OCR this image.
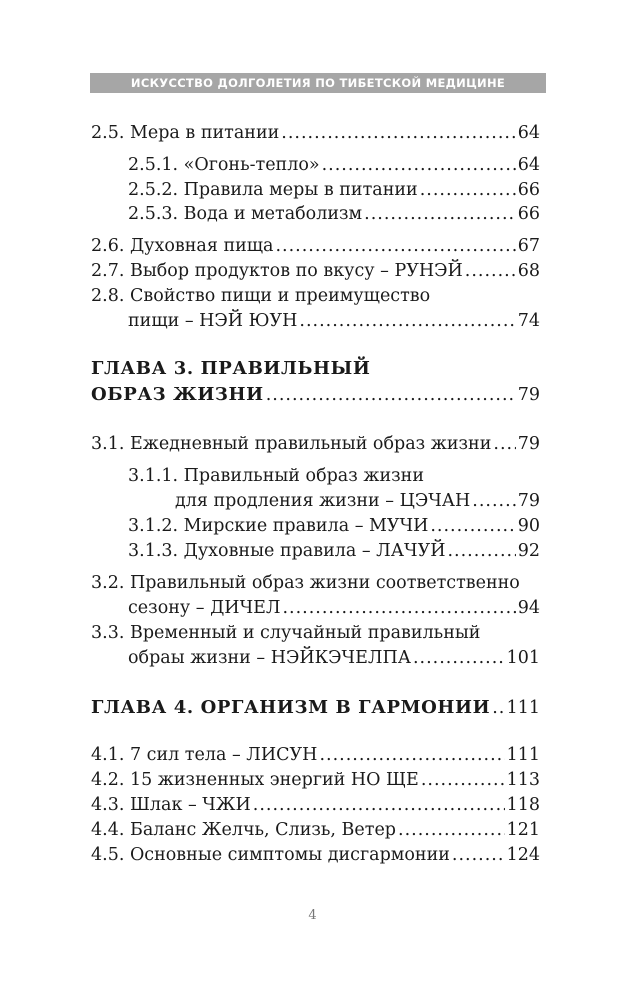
ИСКУССТВО ДОЛГОЛЕТИЯ ПО ТИБЕТСКОЙ МЕДИЦИНЕ
2.5. Мера в питании .....	64
2.5.1. «Огонь-тепло» .....	64
2.5.2. Правила меры в питании .....	66
2.5.3. Вода и метаболизм .....	66
2.6. Духовная пища .....	67
2.7. Выбор продуктов по вкусу – РУНЭЙ .....	68
2.8. Свойство пищи и преимущество
пищи – НЭЙ ЮУН .....	74
ГЛАВА 3. ПРАВИЛЬНЫЙ
ОБРАЗ ЖИЗНИ .....	79
3.1. Ежедневный правильный образ жизни ..... 79
3.1.1. Правильный образ жизни
для продления жизни – ЦЭЧАН .....	79
3.1.2. Мирские правила – МУЧИ .....	90
3.1.3. Духовные правила – ЛАЧУЙ .....	92
3.2. Правильный образ жизни соответственно
сезону – ДИЧЕЛ .....	94
3.3. Временный и случайный правильный
обраы жизни – НЭЙКЭЧЕЛПА .....	101
ГЛАВА 4. ОРГАНИЗМ В ГАРМОНИИ ..... 111
4.1. 7 сил тела – ЛИСУН .....	111
4.2. 15 жизненных энергий НО ЩЕ .....	113
4.3. Шлак – ЧЖИ .....	118
4.4. Баланс Желчь, Слизь, Ветер .....	121
4.5. Основные симптомы дисгармонии .....	124
4
